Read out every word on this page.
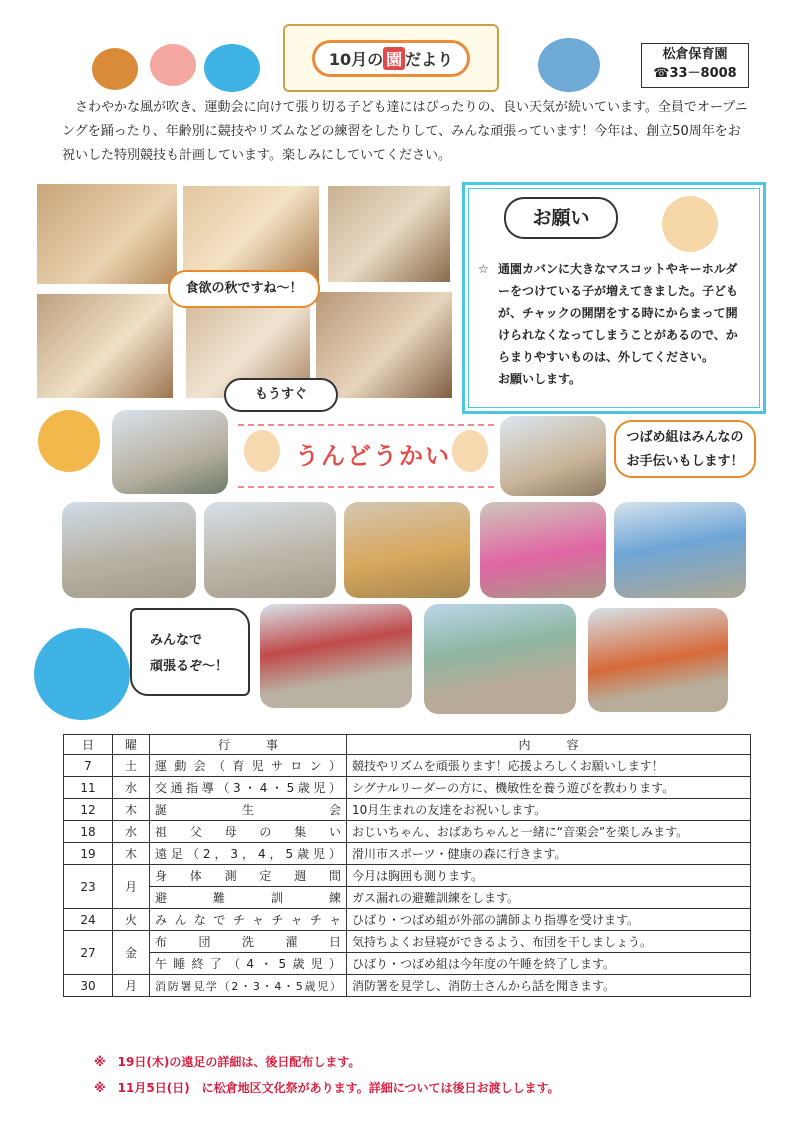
10月の 園 だより	松倉保育園
☎33－8008
さわやかな風が吹き、運動会に向けて張り切る子ども達にはぴったりの、良い天気が続いています。全員でオープニングを踊ったり、年齢別に競技やリズムなどの練習をしたりして、みんな頑張っています！今年は、創立50周年をお祝いした特別競技も計画しています。楽しみにしていてください。
食欲の秋ですね～！
お願い
☆ 通園カバンに大きなマスコットやキーホルダーをつけている子が増えてきました。子どもが、チャックの開閉をする時にからまって開けられなくなってしまうことがあるので、からまりやすいものは、外してください。
お願いします。
もうすぐ
うんどうかい
つばめ組はみんなの
お手伝いもします！
みんなで
頑張るぞ～！
日	曜	行　　　事	内　　　容
7	土	運動会（育児サロン）	競技やリズムを頑張ります！応援よろしくお願いします！
11	水	交通指導（3・4・5歳児）	シグナルリーダーの方に、機敏性を養う遊びを教わります。
12	木	誕生会	10月生まれの友達をお祝いします。
18	水	祖父母の集い	おじいちゃん、おばあちゃんと一緒に“音楽会”を楽しみます。
19	木	遠足（2，3，4，5歳児）	滑川市スポーツ・健康の森に行きます。
23	月	身体測定週間	今月は胸囲も測ります。
		避難訓練	ガス漏れの避難訓練をします。
24	火	みんなでチャチャチャ	ひばり・つばめ組が外部の講師より指導を受けます。
27	金	布団洗濯日	気持ちよくお昼寝ができるよう、布団を干しましょう。
		午睡終了（4・5歳児）	ひばり・つばめ組は今年度の午睡を終了します。
30	月	消防署見学（2・3・4・5歳児）	消防署を見学し、消防士さんから話を聞きます。
※　19日(木)の遠足の詳細は、後日配布します。
※　11月5日(日)　に松倉地区文化祭があります。詳細については後日お渡しします。
